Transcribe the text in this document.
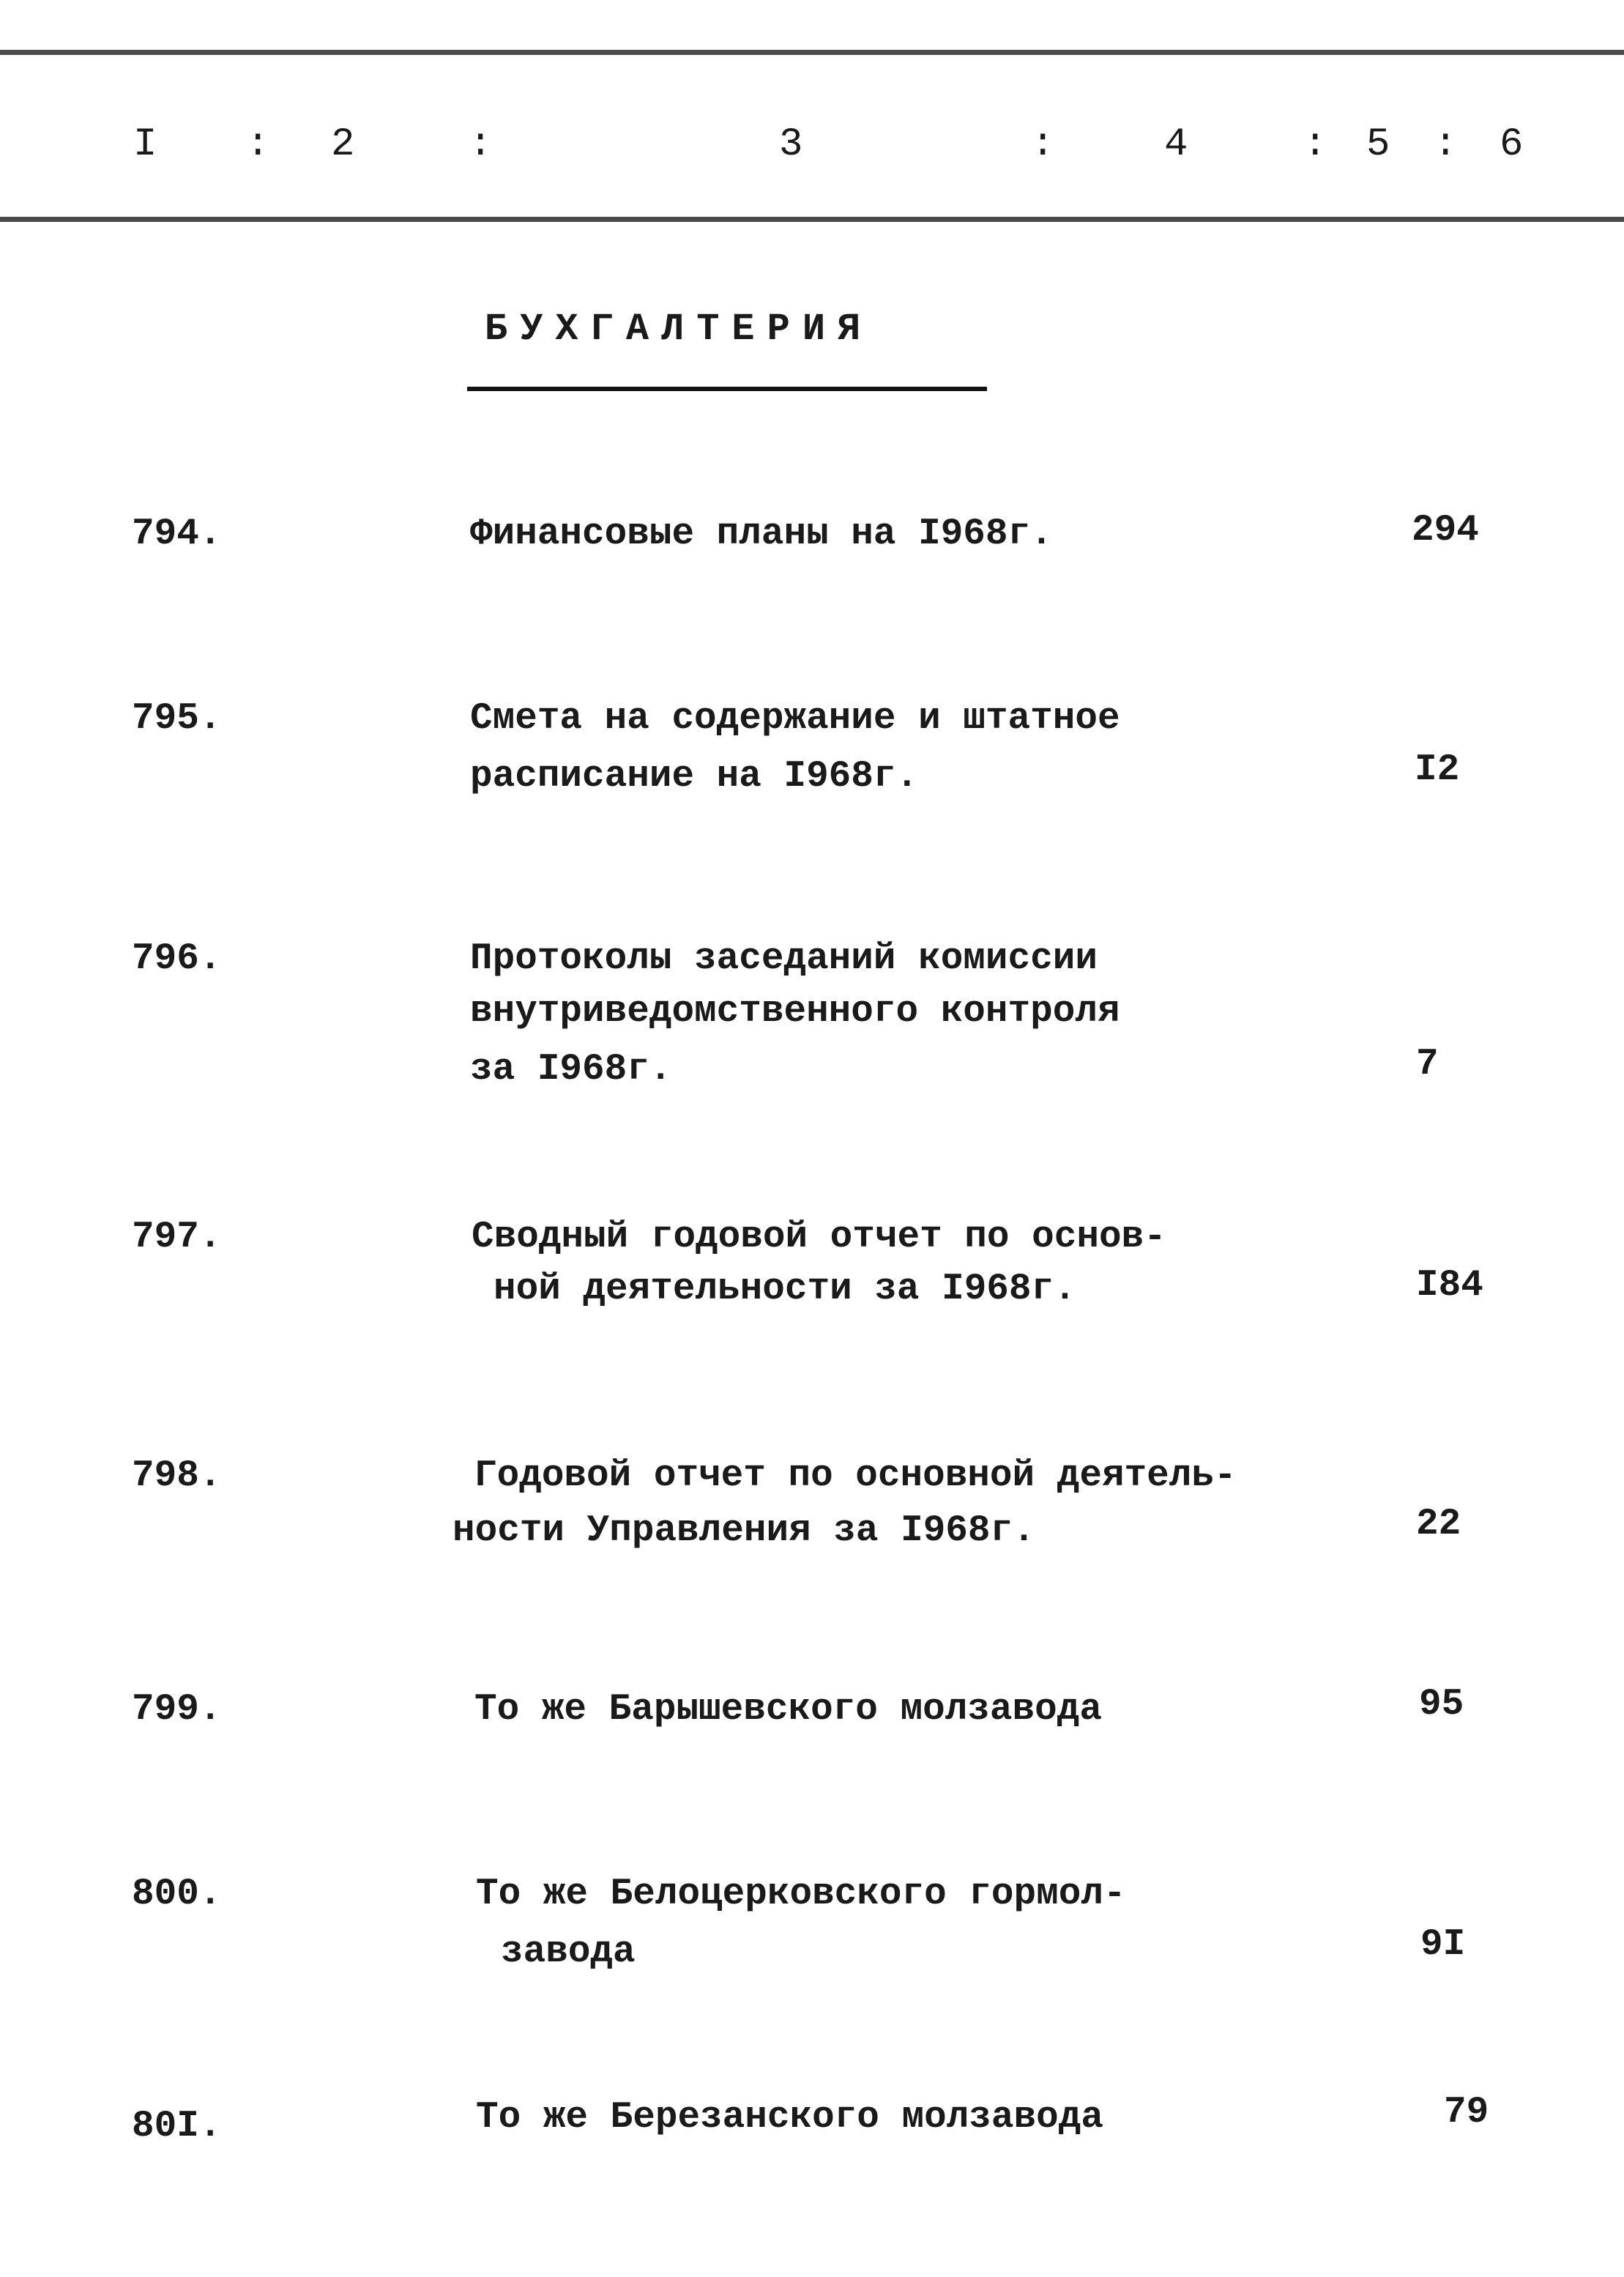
I : 2	:	3	:	4	: 5 : 6
БУХГАЛТЕРИЯ
794.	Финансовые планы на I968г.	294
795.	Смета на содержание и штатное
расписание на I968г.	I2
796.	Протоколы заседаний комиссии
внутриведомственного контроля
за I968г.	7
797.	Сводный годовой отчет по основ-
ной деятельности за I968г.	I84
798.	Годовой отчет по основной деятель-
ности Управления за I968г.	22
799.	То же Барышевского молзавода	95
800.	То же Белоцерковского гормол-
завода	9I
80I.	То же Березанского молзавода	79
